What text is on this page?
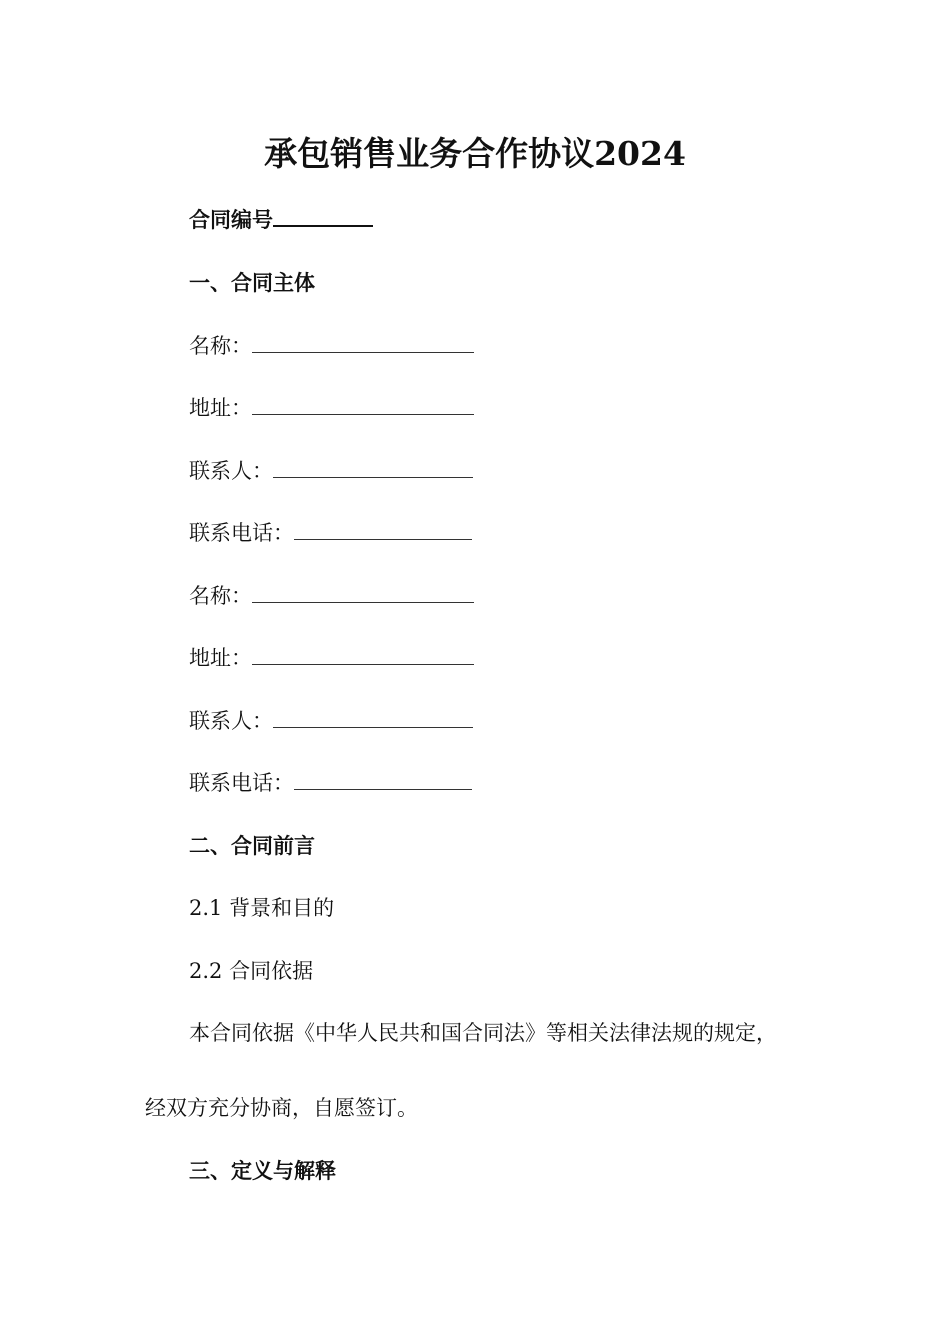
承包销售业务合作协议2024

合同编号

一、合同主体

名称：

地址：

联系人：

联系电话：

名称：

地址：

联系人：

联系电话：

二、合同前言

2.1 背景和目的

2.2 合同依据

本合同依据《中华人民共和国合同法》等相关法律法规的规定，

经双方充分协商，自愿签订。

三、定义与解释
